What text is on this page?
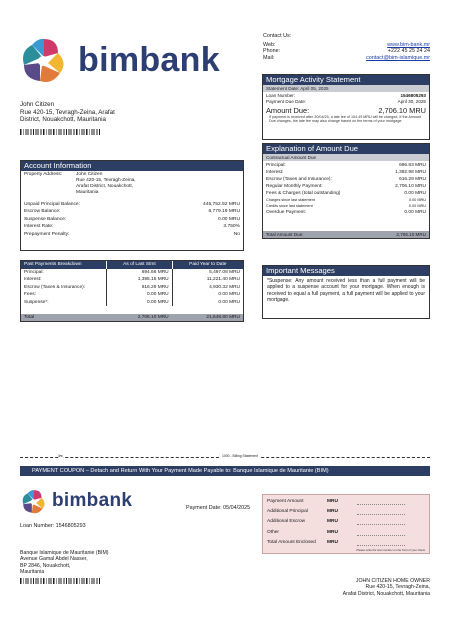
bimbank
Contact Us:
Web:	www.bim-bank.mr
Phone:	+222 45 25 24 24
Mail:	contact@bim-islamique.mr
John Citizen
Rue 420-15, Tevragh-Zeina, Arafat
District, Nouakchott, Mauritania
Mortgage Activity Statement
Statement Date: April 05, 2025
Loan Number:	1546805293
Payment Due Date:	April 30, 2025
Amount Due:	2,706.10 MRU
If payment is received after 30/04/25, a late fee of 104.49 MRU will be charged. If the Amount Due changes, the late fee may also change based on the terms of your mortgage.
Explanation of Amount Due
Contractual Amount Due
Principal:	696.83 MRU
Interest:	1,392.98 MRU
Escrow (Taxes and Insurance):	616.29 MRU
Regular Monthly Payment:	2,706.10 MRU
Fees & Charges (total outstanding)	0.00 MRU
Charges since last statement	0.00 MRU
Credits since last statement	0.00 MRU
Overdue Payment:	0.00 MRU
Total Amount Due:	2,706.10 MRU
Account Information
Property Address:	John Citizen
Rue 420-15, Tevragh-Zeina,
Arafat District, Nouakchott,
Mauritania
Unpaid Principal Balance:	445,752.92 MRU
Escrow Balance:	6,779.19 MRU
Suspense Balance:	0.00 MRU
Interest Rate:	3.750%
Prepayment Penalty:	No
Past Payments Breakdown	As of Last Stmt	Paid Year to Date
Principal:	694.66 MRU	5,497.08 MRU
Interest:	1,395.15 MRU	11,221.40 MRU
Escrow (Taxes & Insurance):	616.29 MRU	4,930.32 MRU
Fees:	0.00 MRU	0.00 MRU
Suspense*:	0.00 MRU	0.00 MRU
Total	2,706.10 MRU	21,648.80 MRU
Important Messages
*Suspense: Any amount received less than a full payment will be applied to a suspense account for your mortgage. When enough is received to equal a full payment, a full payment will be applied to your mortgage.
✂	1000 - Billing Statement
PAYMENT COUPON – Detach and Return With Your Payment Made Payable to: Banque Islamique de Mauritanie (BIM)
bimbank	Payment Date: 05/04/2025
Loan Number: 1546805293
Payment Amount	MRU
Additional Principal	MRU
Additional Escrow	MRU
Other	MRU
Total Amount Enclosed	MRU
Please write the loan number on the front of your check
Banque Islamique de Mauritanie (BIM)
Avenue Gamal Abdel Nasser,
BP 2846, Nouakchott,
Mauritania
JOHN CITIZEN HOME OWNER
Rue 420-15, Tevragh-Zeina,
Arafat District, Nouakchott, Mauritania
